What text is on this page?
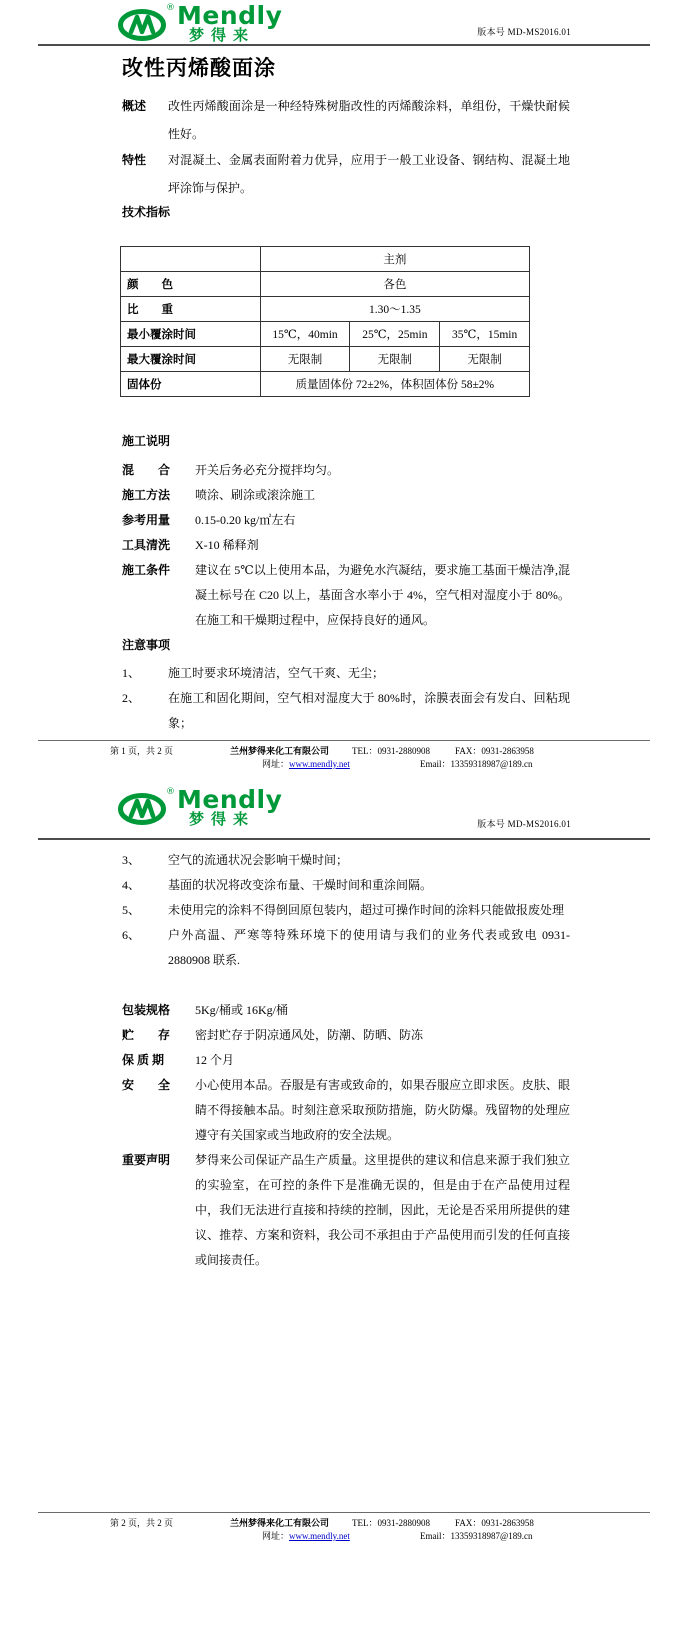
® Mendly
梦得来	版本号 MD-MS2016.01
改性丙烯酸面涂
概述	改性丙烯酸面涂是一种经特殊树脂改性的丙烯酸涂料，单组份，干燥快耐候性好。
特性	对混凝土、金属表面附着力优异，应用于一般工业设备、钢结构、混凝土地坪涂饰与保护。
技术指标
	主剂		
颜　　色	各色		
比　　重	1.30～1.35		
最小覆涂时间	15℃，40min	25℃，25min	35℃，15min
最大覆涂时间	无限制	无限制	无限制
固体份	质量固体份 72±2%，体积固体份 58±2%		
施工说明
混　　合	开关后务必充分搅拌均匀。
施工方法	喷涂、刷涂或滚涂施工
参考用量	0.15-0.20 kg/㎡左右
工具清洗	X-10 稀释剂
施工条件	建议在 5℃以上使用本品，为避免水汽凝结，要求施工基面干燥洁净,混凝土标号在 C20 以上，基面含水率小于 4%，空气相对湿度小于 80%。在施工和干燥期过程中，应保持良好的通风。
注意事项
1、	施工时要求环境清洁，空气干爽、无尘；
2、	在施工和固化期间，空气相对湿度大于 80%时，涂膜表面会有发白、回粘现象；
第 1 页，共 2 页	兰州梦得来化工有限公司	TEL：0931-2880908	FAX：0931-2863958
网址：www.mendly.net	Email：13359318987@189.cn
® Mendly
梦得来	版本号 MD-MS2016.01
3、	空气的流通状况会影响干燥时间；
4、	基面的状况将改变涂布量、干燥时间和重涂间隔。
5、	未使用完的涂料不得倒回原包装内，超过可操作时间的涂料只能做报废处理
6、	户外高温、严寒等特殊环境下的使用请与我们的业务代表或致电 0931-2880908 联系.
包装规格	5Kg/桶或 16Kg/桶
贮　　存	密封贮存于阴凉通风处，防潮、防晒、防冻
保 质 期	12 个月
安　　全	小心使用本品。吞服是有害或致命的，如果吞服应立即求医。皮肤、眼睛不得接触本品。时刻注意采取预防措施，防火防爆。残留物的处理应遵守有关国家或当地政府的安全法规。
重要声明	梦得来公司保证产品生产质量。这里提供的建议和信息来源于我们独立的实验室，在可控的条件下是准确无误的，但是由于在产品使用过程中，我们无法进行直接和持续的控制，因此，无论是否采用所提供的建议、推荐、方案和资料，我公司不承担由于产品使用而引发的任何直接或间接责任。
第 2 页，共 2 页	兰州梦得来化工有限公司	TEL：0931-2880908	FAX：0931-2863958
网址：www.mendly.net	Email：13359318987@189.cn
